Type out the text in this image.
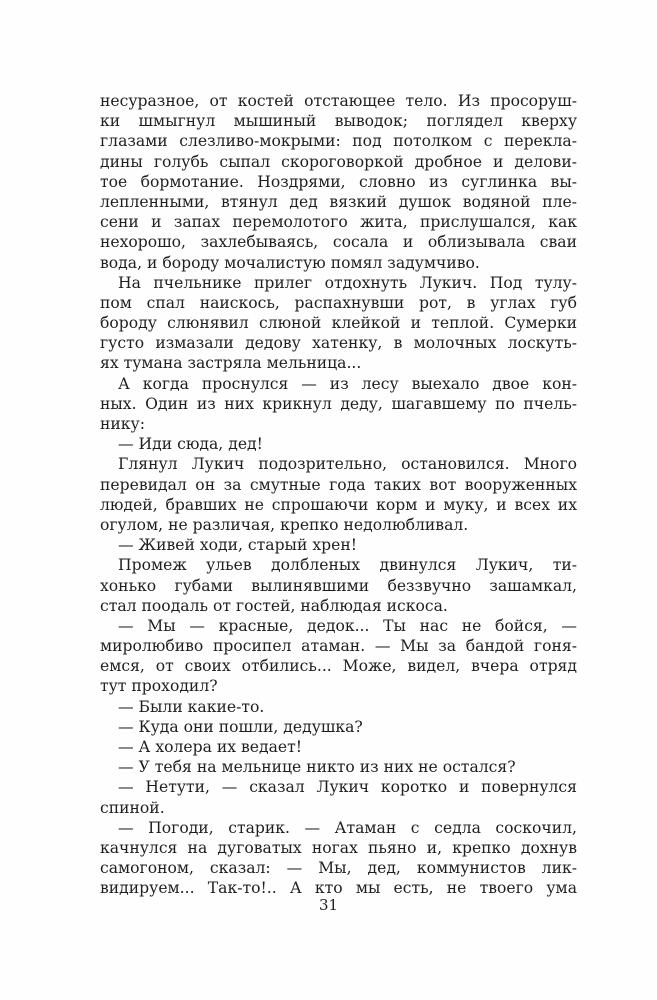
несуразное, от костей отстающее тело. Из просоруш-
ки шмыгнул мышиный выводок; поглядел кверху
глазами слезливо-мокрыми: под потолком с перекла-
дины голубь сыпал скороговоркой дробное и делови-
тое бормотание. Ноздрями, словно из суглинка вы-
лепленными, втянул дед вязкий душок водяной пле-
сени и запах перемолотого жита, прислушался, как
нехорошо, захлебываясь, сосала и облизывала сваи
вода, и бороду мочалистую помял задумчиво.
На пчельнике прилег отдохнуть Лукич. Под тулу-
пом спал наискось, распахнувши рот, в углах губ
бороду слюнявил слюной клейкой и теплой. Сумерки
густо измазали дедову хатенку, в молочных лоскуть-
ях тумана застряла мельница...
А когда проснулся — из лесу выехало двое кон-
ных. Один из них крикнул деду, шагавшему по пчель-
нику:
— Иди сюда, дед!
Глянул Лукич подозрительно, остановился. Много
перевидал он за смутные года таких вот вооруженных
людей, бравших не спрошаючи корм и муку, и всех их
огулом, не различая, крепко недолюбливал.
— Живей ходи, старый хрен!
Промеж ульев долбленых двинулся Лукич, ти-
хонько губами вылинявшими беззвучно зашамкал,
стал поодаль от гостей, наблюдая искоса.
— Мы — красные, дедок... Ты нас не бойся, —
миролюбиво просипел атаман. — Мы за бандой гоня-
емся, от своих отбились... Може, видел, вчера отряд
тут проходил?
— Были какие-то.
— Куда они пошли, дедушка?
— А холера их ведает!
— У тебя на мельнице никто из них не остался?
— Нетути, — сказал Лукич коротко и повернулся
спиной.
— Погоди, старик. — Атаман с седла соскочил,
качнулся на дуговатых ногах пьяно и, крепко дохнув
самогоном, сказал: — Мы, дед, коммунистов лик-
видируем... Так-то!.. А кто мы есть, не твоего ума
31
